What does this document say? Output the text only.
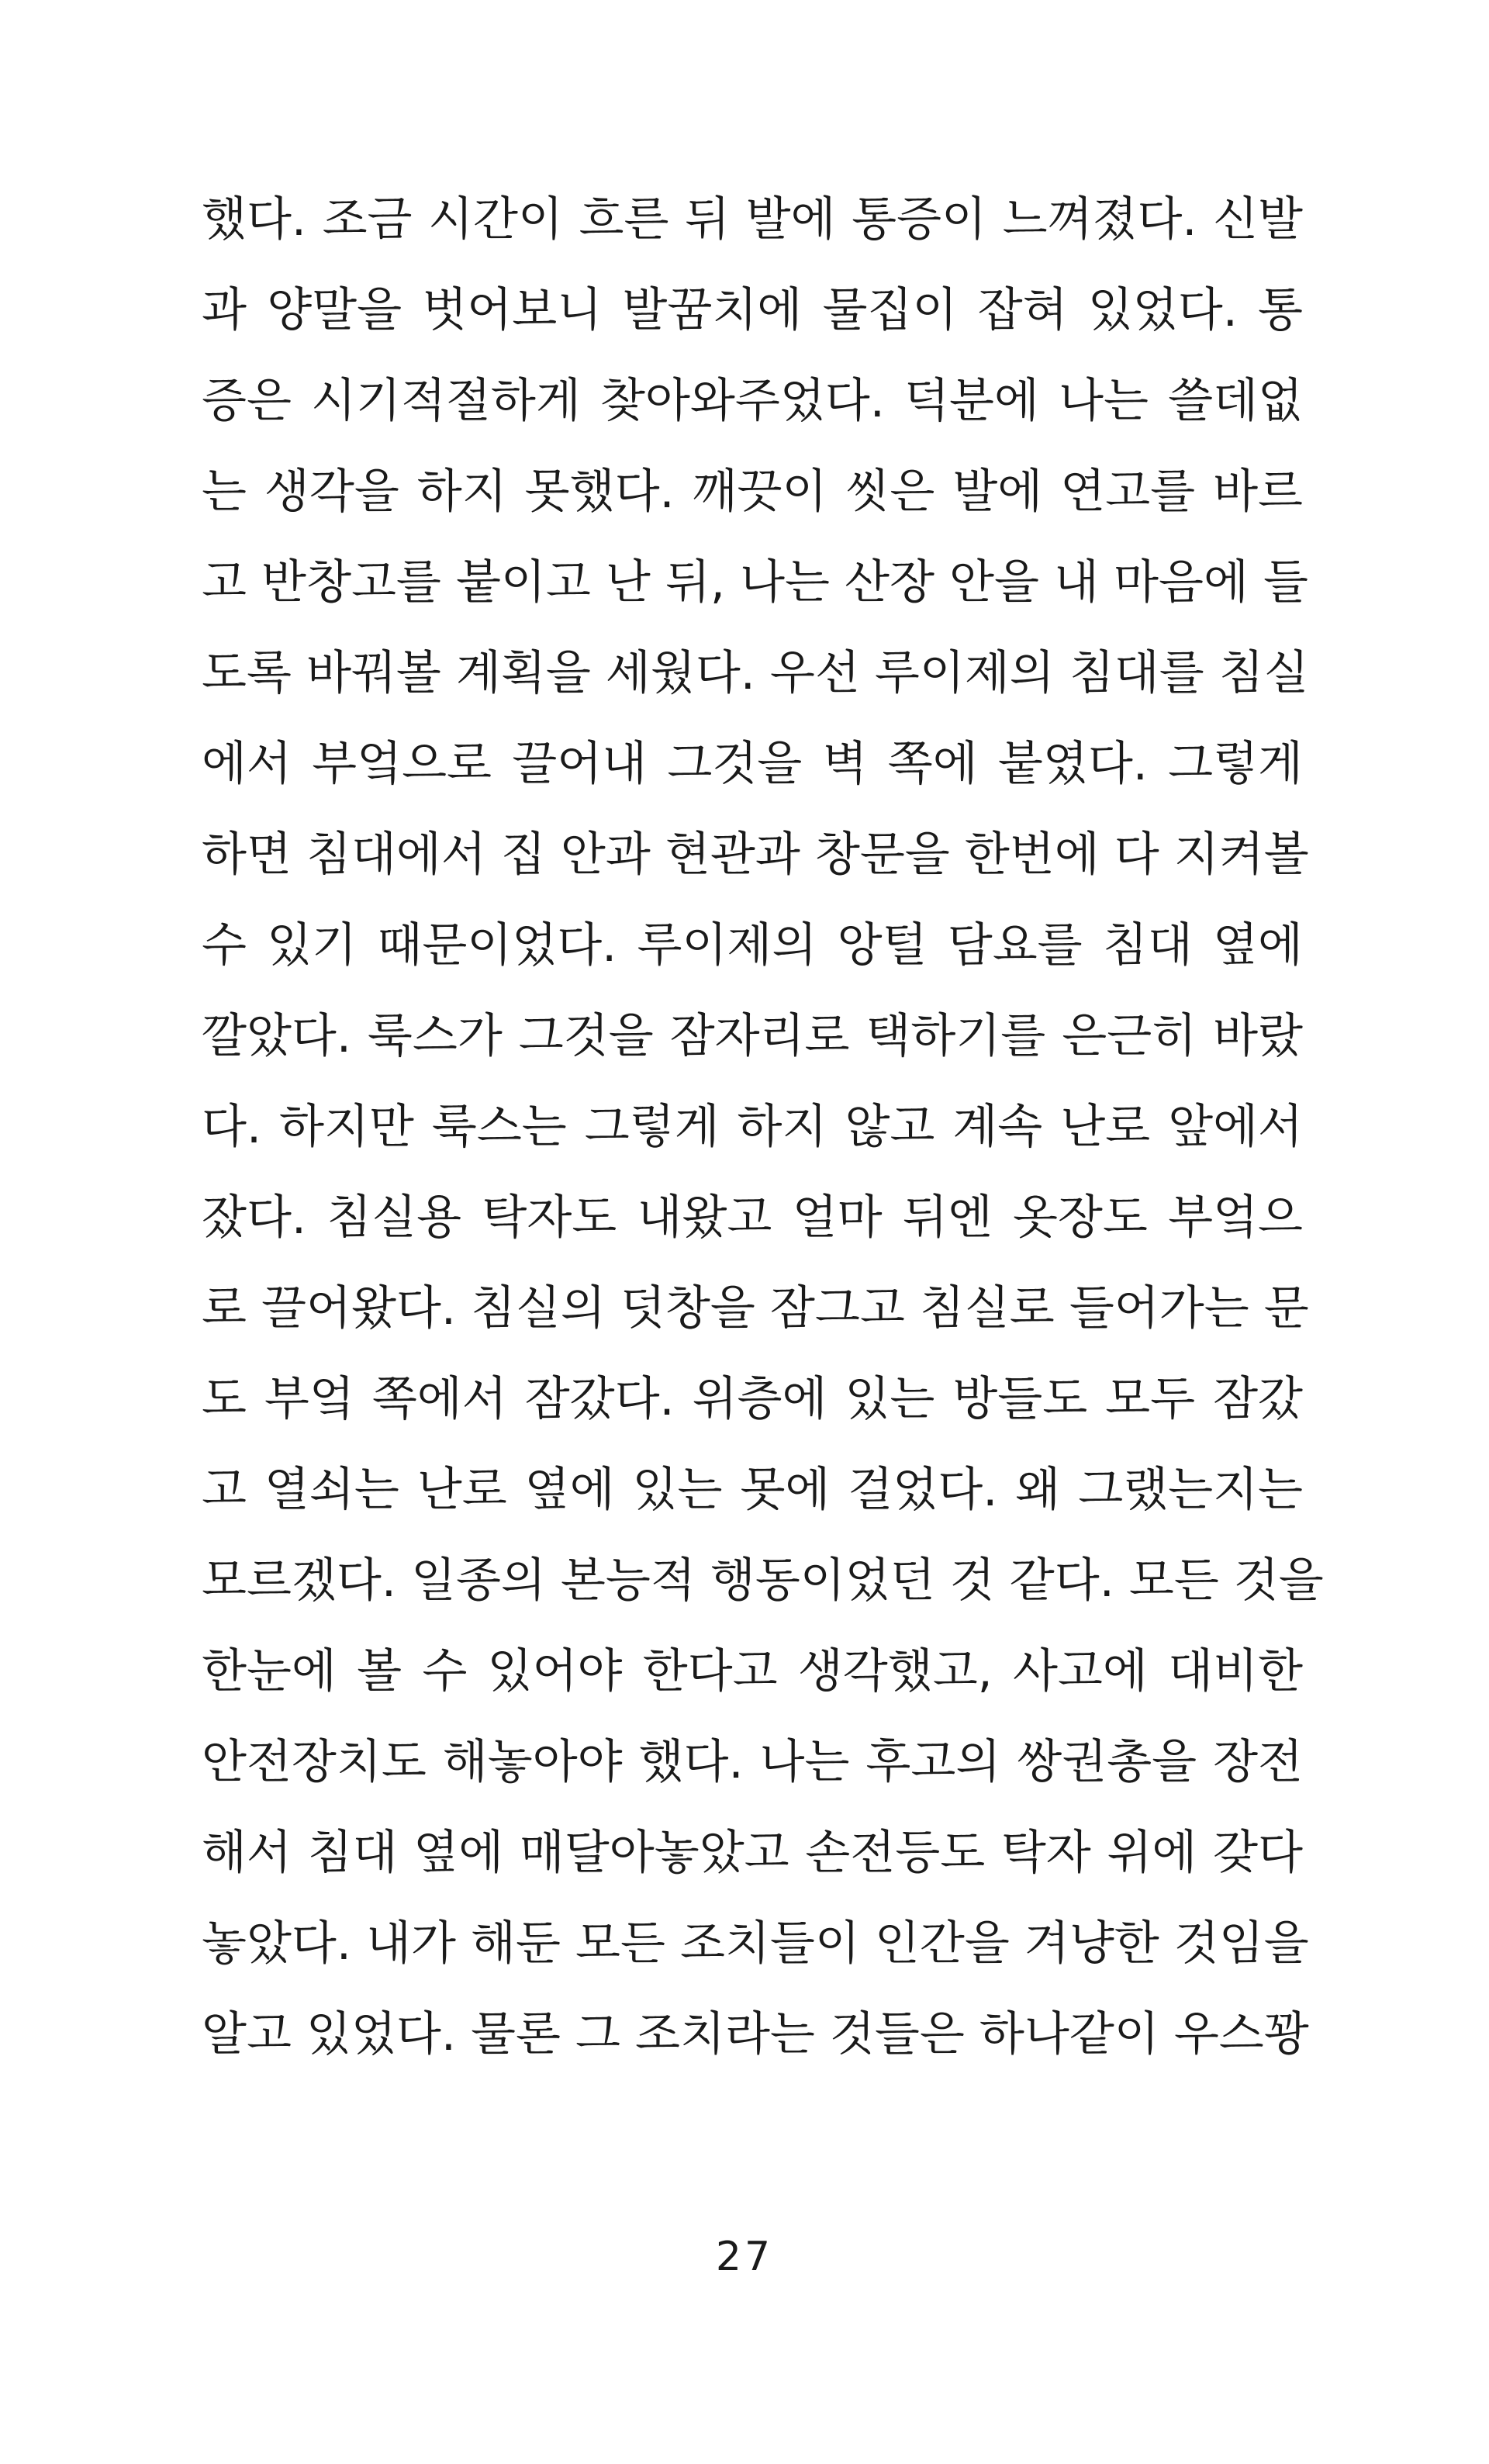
했다. 조금 시간이 흐른 뒤 발에 통증이 느껴졌다. 신발
과 양말을 벗어보니 발꿈치에 물집이 잡혀 있었다. 통
증은 시기적절하게 찾아와주었다. 덕분에 나는 쓸데없
는 생각을 하지 못했다. 깨끗이 씻은 발에 연고를 바르
고 반창고를 붙이고 난 뒤, 나는 산장 안을 내 마음에 들
도록 바꿔볼 계획을 세웠다. 우선 루이제의 침대를 침실
에서 부엌으로 끌어내 그것을 벽 쪽에 붙였다. 그렇게
하면 침대에서 집 안과 현관과 창문을 한번에 다 지켜볼
수 있기 때문이었다. 루이제의 앙털 담요를 침대 옆에
깔았다. 룩스가 그것을 잠자리로 택하기를 은근히 바랐
다. 하지만 룩스는 그렇게 하지 않고 계속 난로 앞에서
잤다. 침실용 탁자도 내왔고 얼마 뒤엔 옷장도 부엌으
로 끌어왔다. 침실의 덧창을 잠그고 침실로 들어가는 문
도 부엌 쪽에서 잠갔다. 위층에 있는 방들도 모두 잠갔
고 열쇠는 난로 옆에 있는 못에 걸었다. 왜 그랬는지는
모르겠다. 일종의 본능적 행동이었던 것 같다. 모든 것을
한눈에 볼 수 있어야 한다고 생각했고, 사고에 대비한
안전장치도 해놓아야 했다. 나는 후고의 쌍권총을 장전
해서 침대 옆에 매달아놓았고 손전등도 탁자 위에 갖다
놓았다. 내가 해둔 모든 조치들이 인간을 겨냥한 것임을
알고 있었다. 물론 그 조치라는 것들은 하나같이 우스꽝
27
